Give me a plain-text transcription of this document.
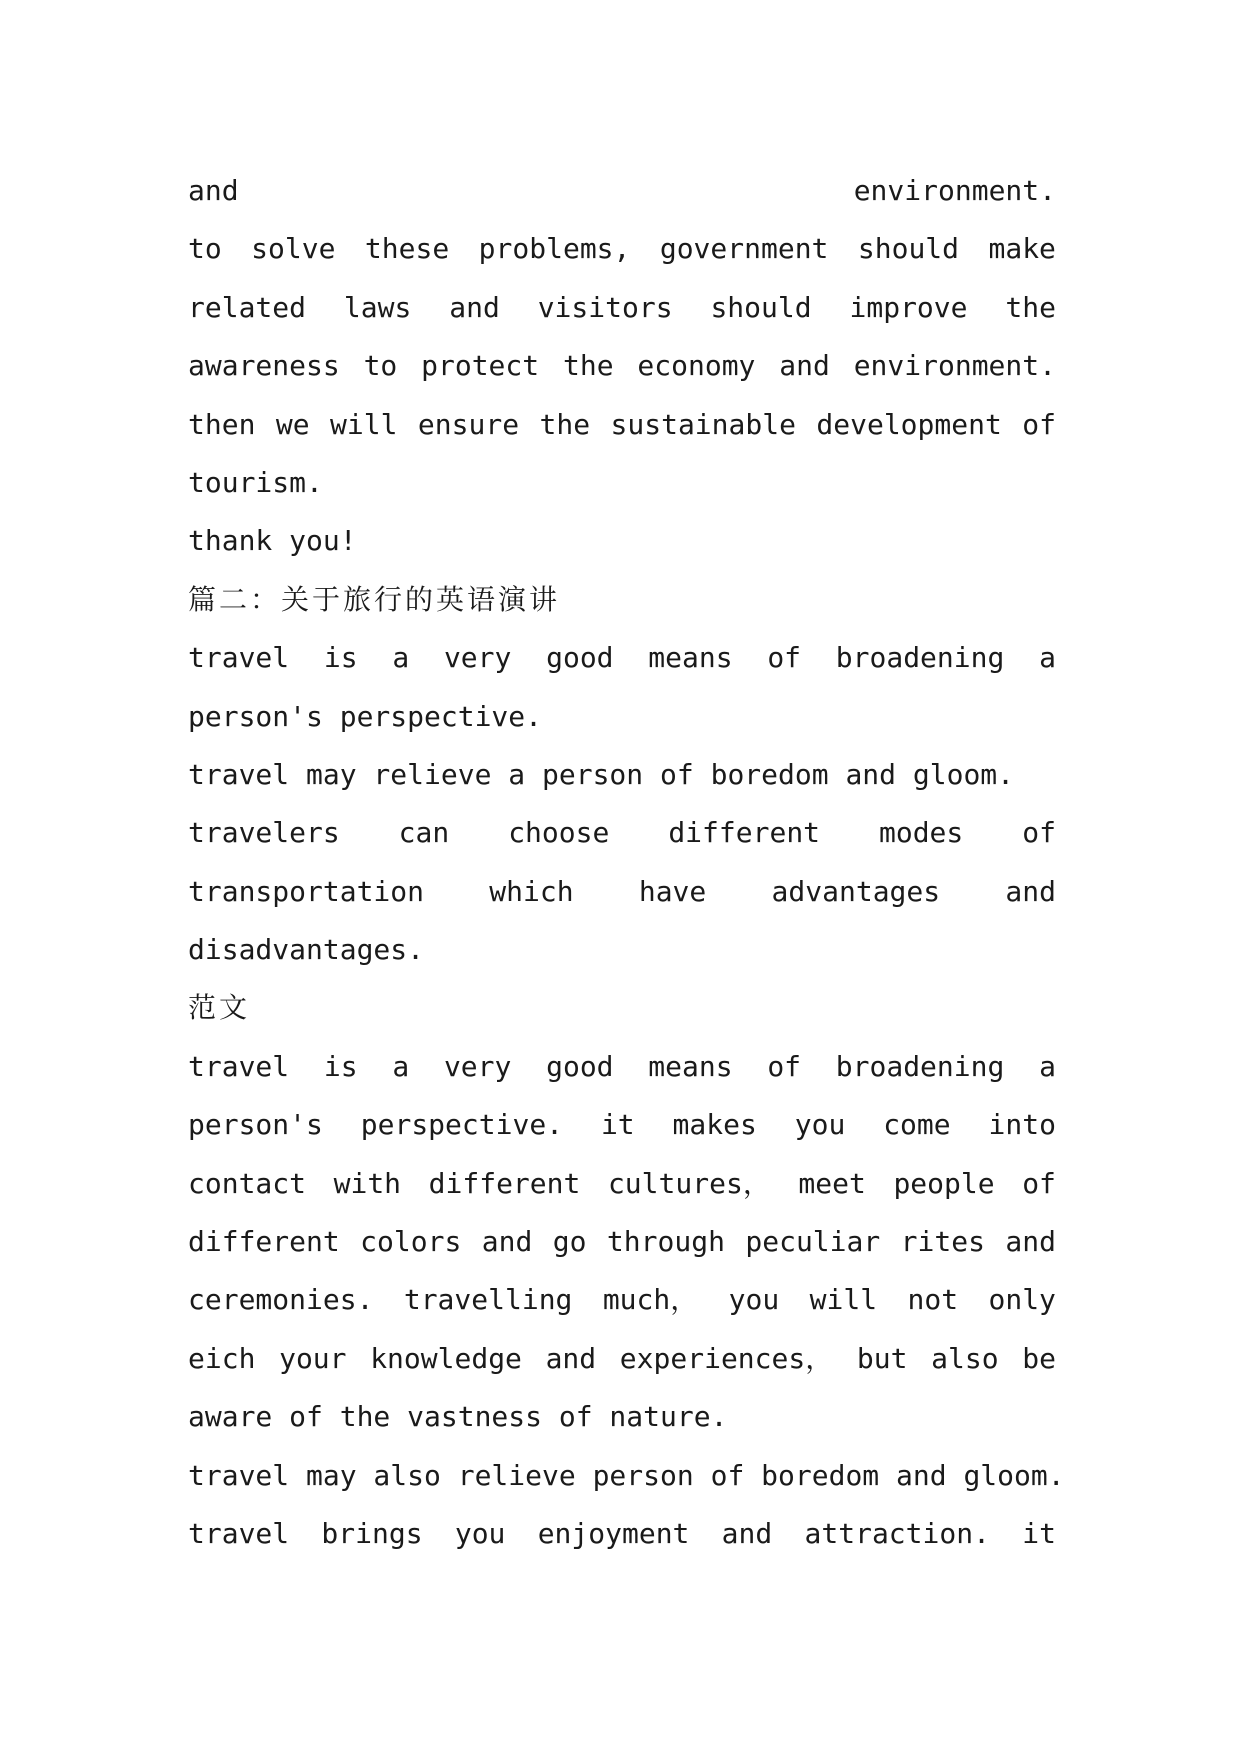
and	environment.
to solve these problems, government should make
related laws and visitors should improve the
awareness to protect the economy and environment.
then we will ensure the sustainable development of
tourism.
thank you!
篇二：关于旅行的英语演讲
travel is a very good means of broadening a
person's perspective.
travel may relieve a person of boredom and gloom.
travelers can choose different modes of
transportation which have advantages and
disadvantages.
范文
travel is a very good means of broadening a
person's perspective. it makes you come into
contact with different cultures， meet people of
different colors and go through peculiar rites and
ceremonies. travelling much， you will not only
eich your knowledge and experiences， but also be
aware of the vastness of nature.
travel may also relieve person of boredom and gloom.
travel brings you enjoyment and attraction. it
